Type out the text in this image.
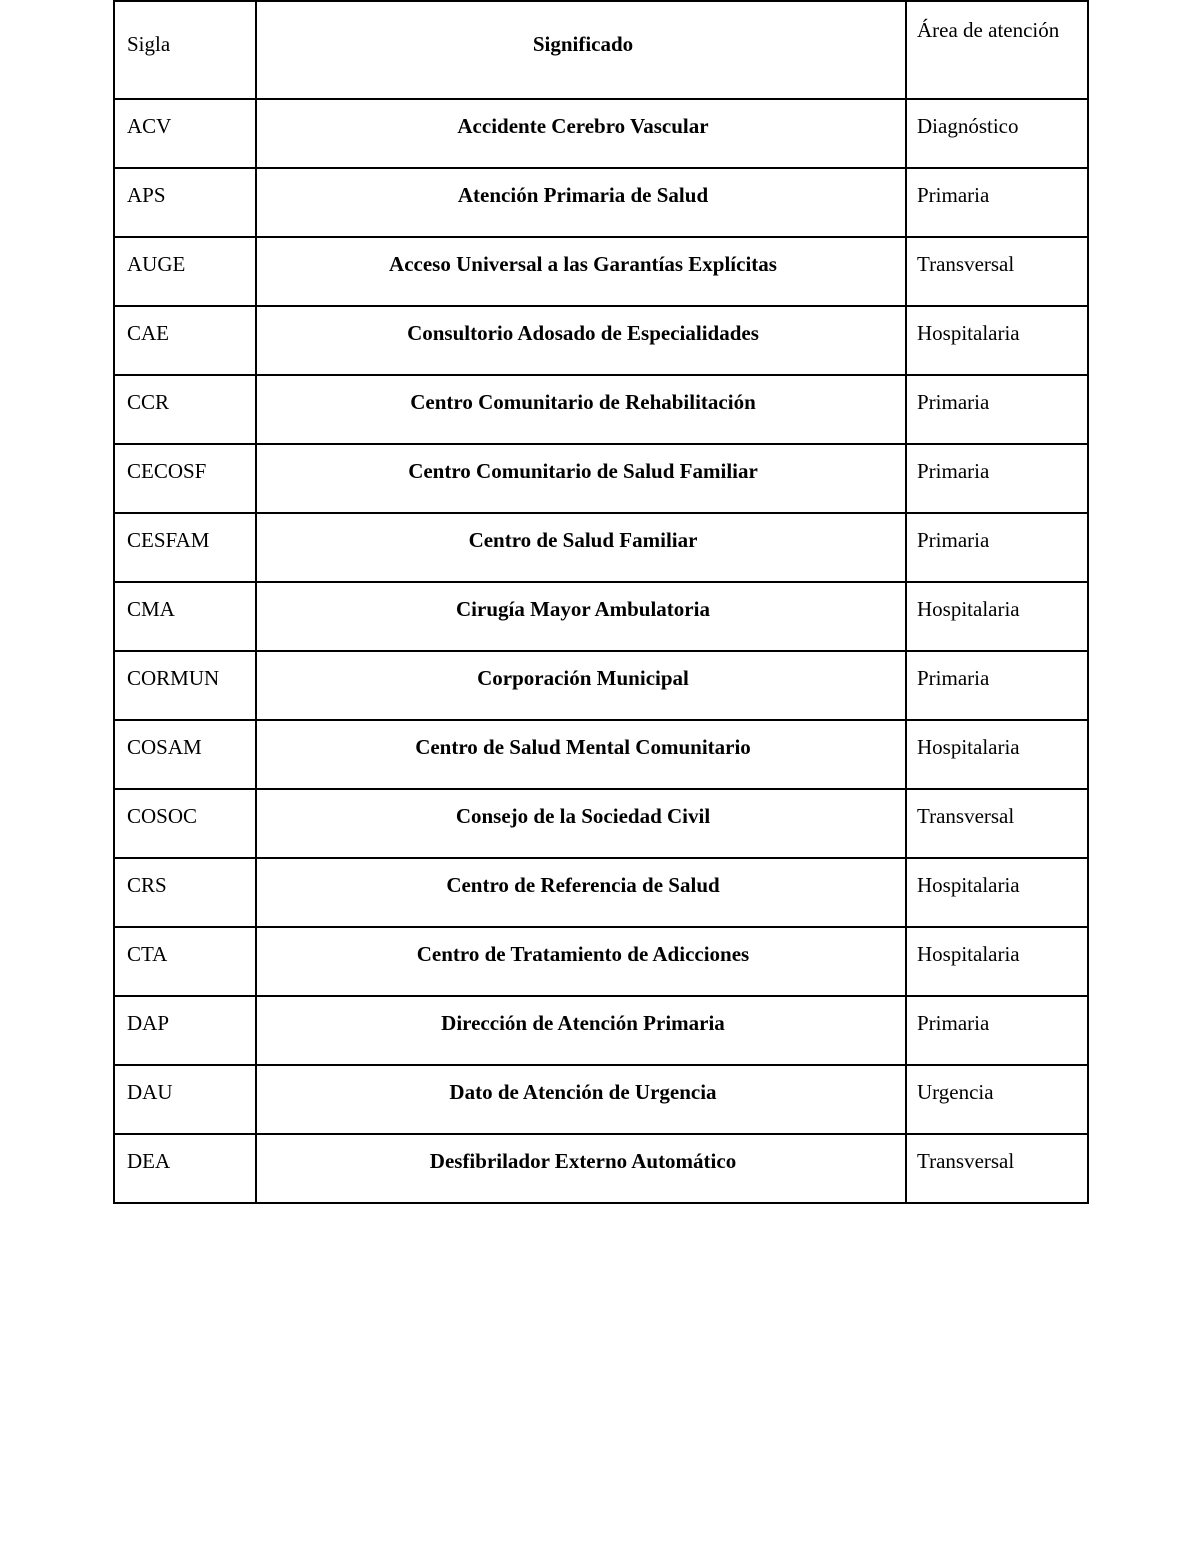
Sigla	Significado	Área de atención
ACV	Accidente Cerebro Vascular	Diagnóstico
APS	Atención Primaria de Salud	Primaria
AUGE	Acceso Universal a las Garantías Explícitas	Transversal
CAE	Consultorio Adosado de Especialidades	Hospitalaria
CCR	Centro Comunitario de Rehabilitación	Primaria
CECOSF	Centro Comunitario de Salud Familiar	Primaria
CESFAM	Centro de Salud Familiar	Primaria
CMA	Cirugía Mayor Ambulatoria	Hospitalaria
CORMUN	Corporación Municipal	Primaria
COSAM	Centro de Salud Mental Comunitario	Hospitalaria
COSOC	Consejo de la Sociedad Civil	Transversal
CRS	Centro de Referencia de Salud	Hospitalaria
CTA	Centro de Tratamiento de Adicciones	Hospitalaria
DAP	Dirección de Atención Primaria	Primaria
DAU	Dato de Atención de Urgencia	Urgencia
DEA	Desfibrilador Externo Automático	Transversal
